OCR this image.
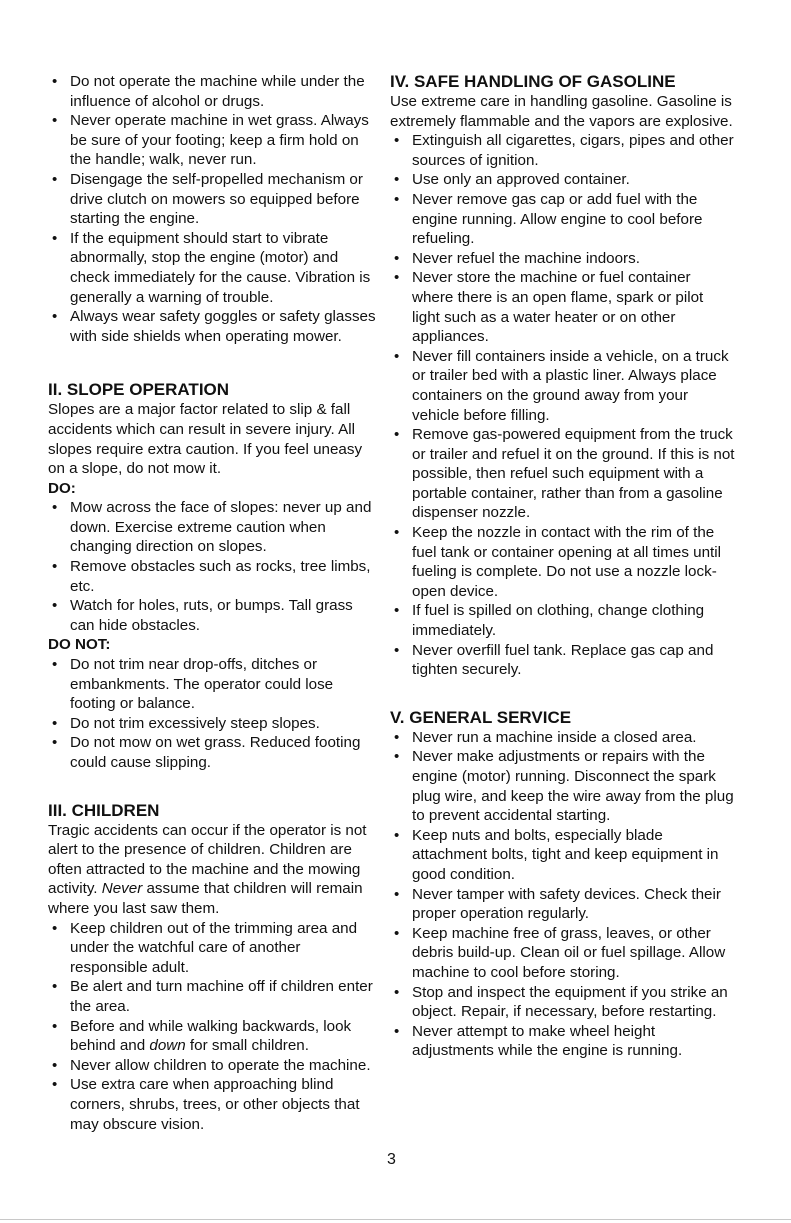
• Do not operate the machine while under the influence of alcohol or drugs.
• Never operate machine in wet grass. Always be sure of your footing; keep a firm hold on the handle; walk, never run.
• Disengage the self-propelled mechanism or drive clutch on mowers so equipped before starting the engine.
• If the equipment should start to vibrate abnormally, stop the engine (motor) and check immediately for the cause. Vibration is generally a warning of trouble.
• Always wear safety goggles or safety glasses with side shields when operating mower.
II. SLOPE OPERATION

Slopes are a major factor related to slip & fall accidents which can result in severe injury. All slopes require extra caution. If you feel uneasy on a slope, do not mow it.

DO:

• Mow across the face of slopes: never up and down. Exercise extreme caution when changing direction on slopes.
• Remove obstacles such as rocks, tree limbs, etc.
• Watch for holes, ruts, or bumps. Tall grass can hide obstacles.

DO NOT:

• Do not trim near drop-offs, ditches or embankments. The operator could lose footing or balance.
• Do not trim excessively steep slopes.
• Do not mow on wet grass. Reduced footing could cause slipping.
III. CHILDREN

Tragic accidents can occur if the operator is not alert to the presence of children. Children are often attracted to the machine and the mowing activity. Never assume that children will remain where you last saw them.

• Keep children out of the trimming area and under the watchful care of another responsible adult.
• Be alert and turn machine off if children enter the area.
• Before and while walking backwards, look behind and down for small children.
• Never allow children to operate the machine.
• Use extra care when approaching blind corners, shrubs, trees, or other objects that may obscure vision.
IV. SAFE HANDLING OF GASOLINE

Use extreme care in handling gasoline. Gasoline is extremely flammable and the vapors are explosive.

• Extinguish all cigarettes, cigars, pipes and other sources of ignition.
• Use only an approved container.
• Never remove gas cap or add fuel with the engine running. Allow engine to cool before refueling.
• Never refuel the machine indoors.
• Never store the machine or fuel container where there is an open flame, spark or pilot light such as a water heater or on other appliances.
• Never fill containers inside a vehicle, on a truck or trailer bed with a plastic liner. Always place containers on the ground away from your vehicle before filling.
• Remove gas-powered equipment from the truck or trailer and refuel it on the ground. If this is not possible, then refuel such equipment with a portable container, rather than from a gasoline dispenser nozzle.
• Keep the nozzle in contact with the rim of the fuel tank or container opening at all times until fueling is complete. Do not use a nozzle lock-open device.
• If fuel is spilled on clothing, change clothing immediately.
• Never overfill fuel tank. Replace gas cap and tighten securely.
V. GENERAL SERVICE
• Never run a machine inside a closed area.
• Never make adjustments or repairs with the engine (motor) running. Disconnect the spark plug wire, and keep the wire away from the plug to prevent accidental starting.
• Keep nuts and bolts, especially blade attachment bolts, tight and keep equipment in good condition.
• Never tamper with safety devices. Check their proper operation regularly.
• Keep machine free of grass, leaves, or other debris build-up. Clean oil or fuel spillage. Allow machine to cool before storing.
• Stop and inspect the equipment if you strike an object. Repair, if necessary, before restarting.
• Never attempt to make wheel height adjustments while the engine is running.
3
